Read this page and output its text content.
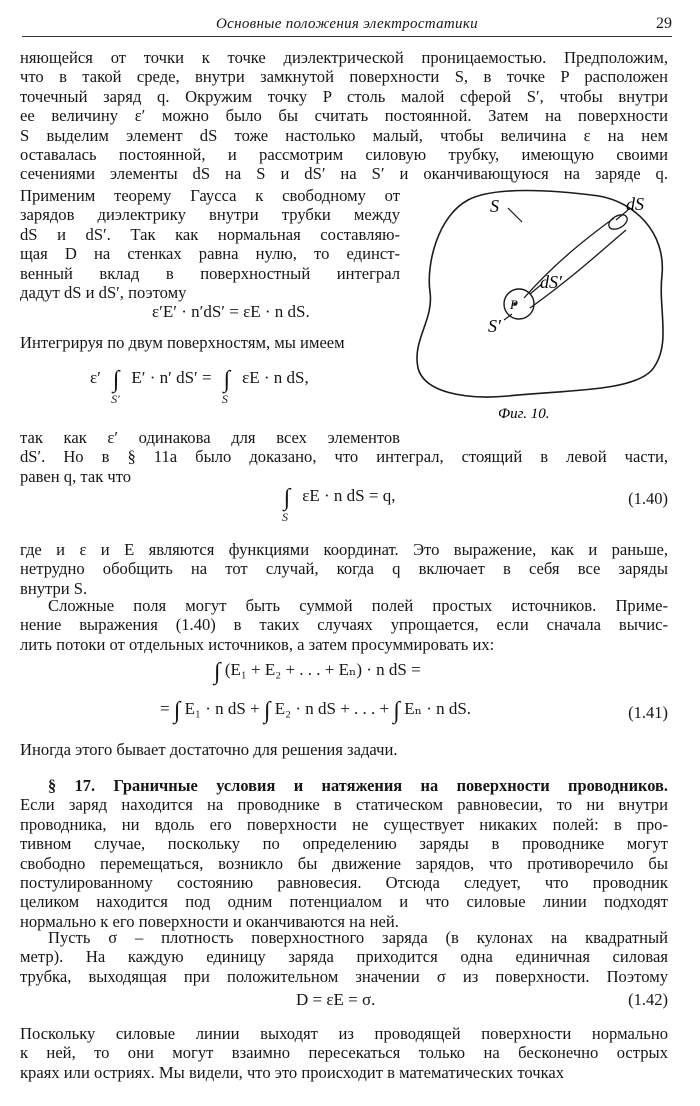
Основные положения электростатики	29
няющейся от точки к точке диэлектрической проницаемостью. Предположим,
что в такой среде, внутри замкнутой поверхности S, в точке P расположен
точечный заряд q. Окружим точку P столь малой сферой S′, чтобы внутри
ее величину ε′ можно было бы считать постоянной. Затем на поверхности
S выделим элемент dS тоже настолько малый, чтобы величина ε на нем
оставалась постоянной, и рассмотрим силовую трубку, имеющую своими
сечениями элементы dS на S и dS′ на S′ и оканчивающуюся на заряде q.
Применим теорему Гаусса к свободному от
зарядов диэлектрику внутри трубки между
dS и dS′. Так как нормальная составляю-
щая D на стенках равна нулю, то единст-
венный вклад в поверхностный интеграл
дадут dS и dS′, поэтому
ε′E′ · n′dS′ = εE · n dS.
Интегрируя по двум поверхностям, мы имеем
ε′ ∫
S′
E′ · n′ dS′ = ∫
S
εE · n dS,
так как ε′ одинакова для всех элементов
dS′. Но в § 11а было доказано, что интеграл, стоящий в левой части,
равен q, так что
∫
S
εE · n dS = q,	(1.40)
где и ε и E являются функциями координат. Это выражение, как и раньше,
нетрудно обобщить на тот случай, когда q включает в себя все заряды
внутри S.
Сложные поля могут быть суммой полей простых источников. Приме-
нение выражения (1.40) в таких случаях упрощается, если сначала вычис-
лить потоки от отдельных источников, а затем просуммировать их:
∫ (E₁ + E₂ + . . . + Eₙ) · n dS =
= ∫ E₁ · n dS + ∫ E₂ · n dS + . . . + ∫ Eₙ · n dS.	(1.41)
Иногда этого бывает достаточно для решения задачи.
§ 17. Граничные условия и натяжения на поверхности проводников.
Если заряд находится на проводнике в статическом равновесии, то ни внутри
проводника, ни вдоль его поверхности не существует никаких полей: в про-
тивном случае, поскольку по определению заряды в проводнике могут
свободно перемещаться, возникло бы движение зарядов, что противоречило бы
постулированному состоянию равновесия. Отсюда следует, что проводник
целиком находится под одним потенциалом и что силовые линии подходят
нормально к его поверхности и оканчиваются на ней.
Пусть σ – плотность поверхностного заряда (в кулонах на квадратный
метр). На каждую единицу заряда приходится одна единичная силовая
трубка, выходящая при положительном значении σ из поверхности. Поэтому
D = εE = σ.	(1.42)
Поскольку силовые линии выходят из проводящей поверхности нормально
к ней, то они могут взаимно пересекаться только на бесконечно острых
краях или остриях. Мы видели, что это происходит в математических точках
S	dS
dS′
P
S′
Фиг. 10.
